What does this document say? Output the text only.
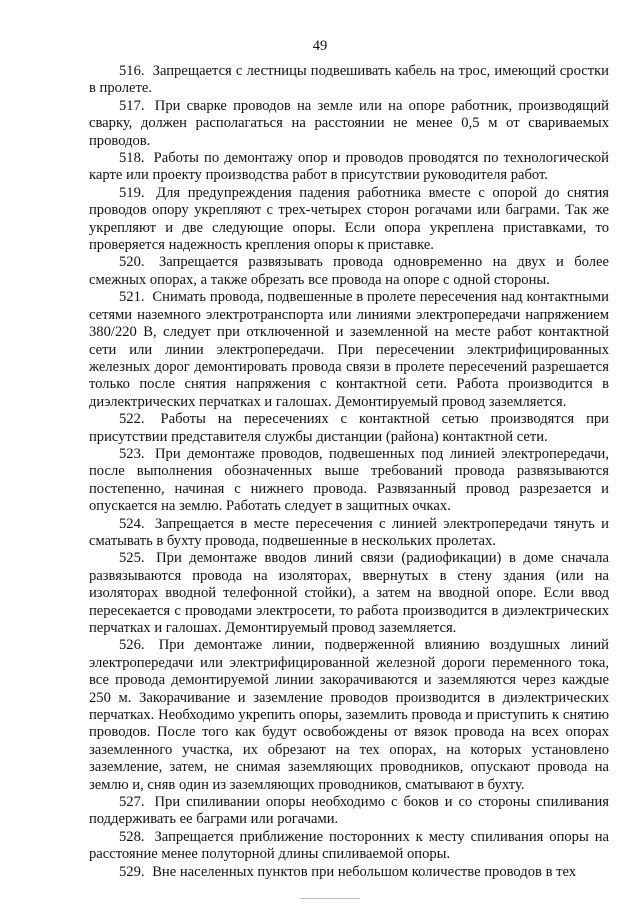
49

516. Запрещается с лестницы подвешивать кабель на трос, имеющий сростки в пролете.

517. При сварке проводов на земле или на опоре работник, производящий сварку, должен располагаться на расстоянии не менее 0,5 м от свариваемых проводов.

518. Работы по демонтажу опор и проводов проводятся по технологической карте или проекту производства работ в присутствии руководителя работ.

519. Для предупреждения падения работника вместе с опорой до снятия проводов опору укрепляют с трех-четырех сторон рогачами или баграми. Так же укрепляют и две следующие опоры. Если опора укреплена приставками, то проверяется надежность крепления опоры к приставке.

520. Запрещается развязывать провода одновременно на двух и более смежных опорах, а также обрезать все провода на опоре с одной стороны.

521. Снимать провода, подвешенные в пролете пересечения над контактными сетями наземного электротранспорта или линиями электропередачи напряжением 380/220 В, следует при отключенной и заземленной на месте работ контактной сети или линии электропередачи. При пересечении электрифицированных железных дорог демонтировать провода связи в пролете пересечений разрешается только после снятия напряжения с контактной сети. Работа производится в диэлектрических перчатках и галошах. Демонтируемый провод заземляется.

522. Работы на пересечениях с контактной сетью производятся при присутствии представителя службы дистанции (района) контактной сети.

523. При демонтаже проводов, подвешенных под линией электропередачи, после выполнения обозначенных выше требований провода развязываются постепенно, начиная с нижнего провода. Развязанный провод разрезается и опускается на землю. Работать следует в защитных очках.

524. Запрещается в месте пересечения с линией электропередачи тянуть и сматывать в бухту провода, подвешенные в нескольких пролетах.

525. При демонтаже вводов линий связи (радиофикации) в доме сначала развязываются провода на изоляторах, ввернутых в стену здания (или на изоляторах вводной телефонной стойки), а затем на вводной опоре. Если ввод пересекается с проводами электросети, то работа производится в диэлектрических перчатках и галошах. Демонтируемый провод заземляется.

526. При демонтаже линии, подверженной влиянию воздушных линий электропередачи или электрифицированной железной дороги переменного тока, все провода демонтируемой линии закорачиваются и заземляются через каждые 250 м. Закорачивание и заземление проводов производится в диэлектрических перчатках. Необходимо укрепить опоры, заземлить провода и приступить к снятию проводов. После того как будут освобождены от вязок провода на всех опорах заземленного участка, их обрезают на тех опорах, на которых установлено заземление, затем, не снимая заземляющих проводников, опускают провода на землю и, сняв один из заземляющих проводников, сматывают в бухту.

527. При спиливании опоры необходимо с боков и со стороны спиливания поддерживать ее баграми или рогачами.

528. Запрещается приближение посторонних к месту спиливания опоры на расстояние менее полуторной длины спиливаемой опоры.

529. Вне населенных пунктов при небольшом количестве проводов в тех
